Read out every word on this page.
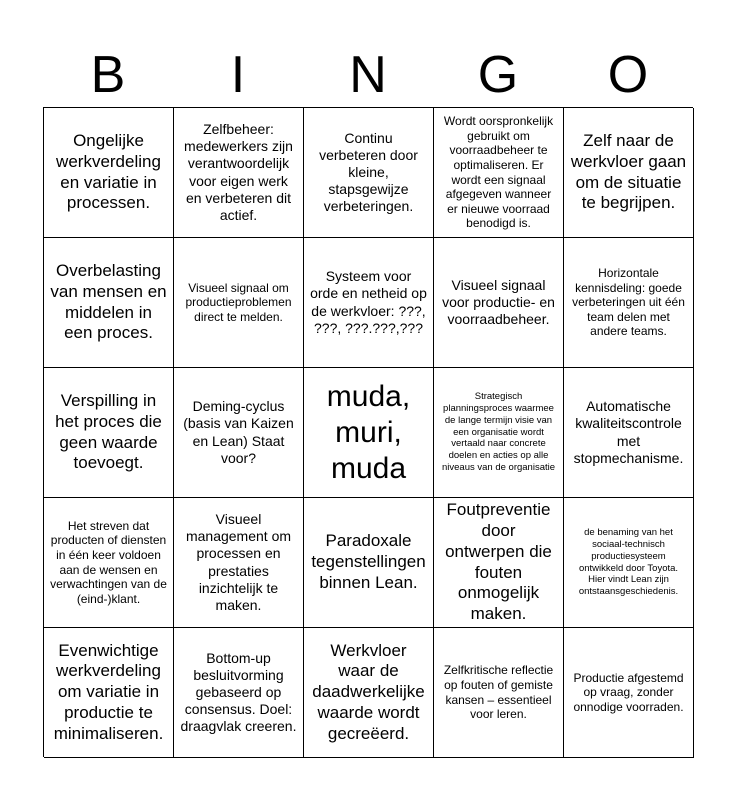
B	I	N	G	O
Ongelijke werkverdeling en variatie in processen.
Zelfbeheer: medewerkers zijn verantwoordelijk voor eigen werk en verbeteren dit actief.
Continu verbeteren door kleine, stapsgewijze verbeteringen.
Wordt oorspronkelijk gebruikt om voorraadbeheer te optimaliseren. Er wordt een signaal afgegeven wanneer er nieuwe voorraad benodigd is.
Zelf naar de werkvloer gaan om de situatie te begrijpen.
Overbelasting van mensen en middelen in een proces.
Visueel signaal om productieproblemen direct te melden.
Systeem voor orde en netheid op de werkvloer: ???, ???, ???.???,???
Visueel signaal voor productie- en voorraadbeheer.
Horizontale kennisdeling: goede verbeteringen uit één team delen met andere teams.
Verspilling in het proces die geen waarde toevoegt.
Deming-cyclus (basis van Kaizen en Lean) Staat voor?
muda, muri, muda
Strategisch planningsproces waarmee de lange termijn visie van een organisatie wordt vertaald naar concrete doelen en acties op alle niveaus van de organisatie
Automatische kwaliteitscontrole met stopmechanisme.
Het streven dat producten of diensten in één keer voldoen aan de wensen en verwachtingen van de (eind-)klant.
Visueel management om processen en prestaties inzichtelijk te maken.
Paradoxale tegenstellingen binnen Lean.
Foutpreventie door ontwerpen die fouten onmogelijk maken.
de benaming van het sociaal-technisch productiesysteem ontwikkeld door Toyota. Hier vindt Lean zijn ontstaansgeschiedenis.
Evenwichtige werkverdeling om variatie in productie te minimaliseren.
Bottom-up besluitvorming gebaseerd op consensus. Doel: draagvlak creeren.
Werkvloer waar de daadwerkelijke waarde wordt gecreëerd.
Zelfkritische reflectie op fouten of gemiste kansen – essentieel voor leren.
Productie afgestemd op vraag, zonder onnodige voorraden.
